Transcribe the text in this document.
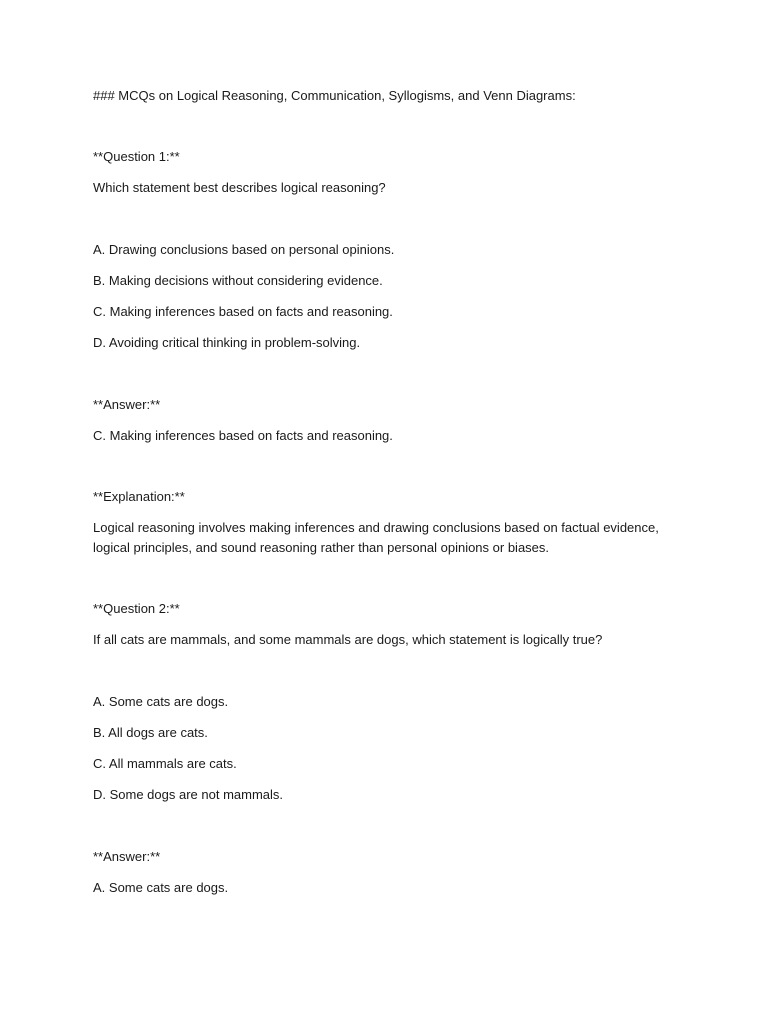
### MCQs on Logical Reasoning, Communication, Syllogisms, and Venn Diagrams:
**Question 1:**
Which statement best describes logical reasoning?
A. Drawing conclusions based on personal opinions.
B. Making decisions without considering evidence.
C. Making inferences based on facts and reasoning.
D. Avoiding critical thinking in problem-solving.
**Answer:**
C. Making inferences based on facts and reasoning.
**Explanation:**
Logical reasoning involves making inferences and drawing conclusions based on factual evidence,
logical principles, and sound reasoning rather than personal opinions or biases.
**Question 2:**
If all cats are mammals, and some mammals are dogs, which statement is logically true?
A. Some cats are dogs.
B. All dogs are cats.
C. All mammals are cats.
D. Some dogs are not mammals.
**Answer:**
A. Some cats are dogs.
